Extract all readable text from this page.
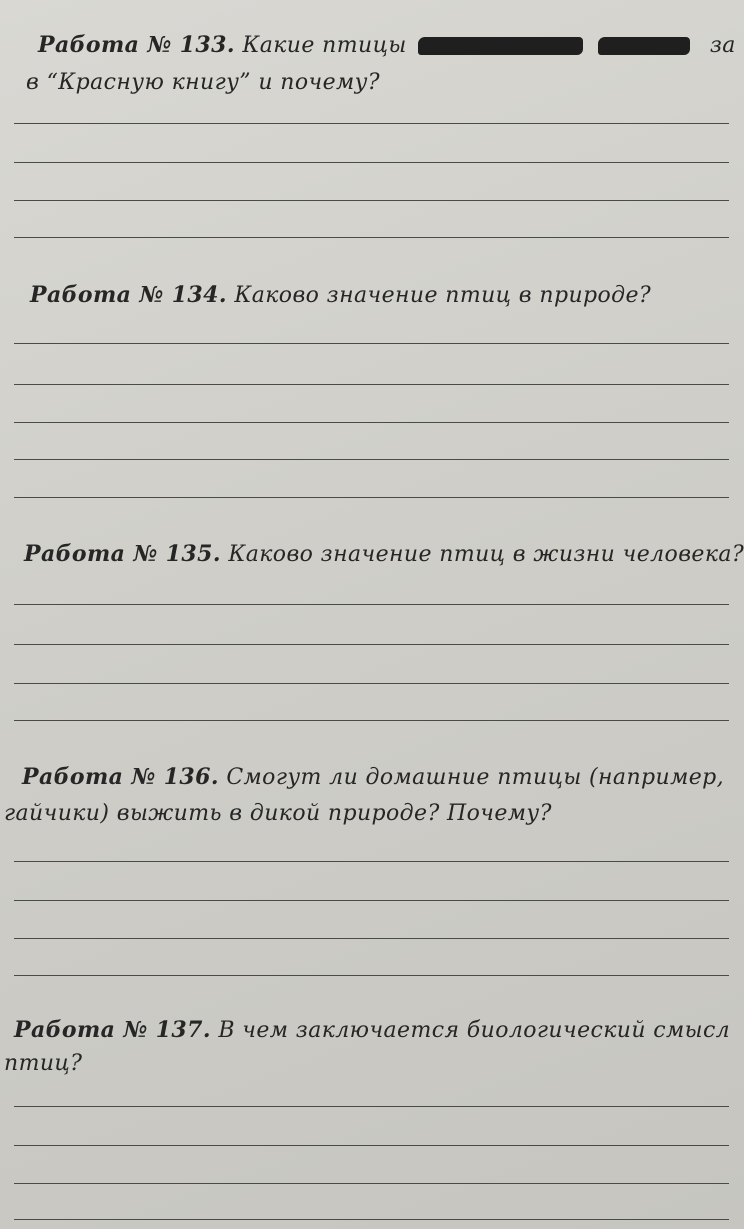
Работа № 133. Какие птицы	за

в “Красную книгу” и почему?

Работа № 134. Каково значение птиц в природе?

Работа № 135. Каково значение птиц в жизни человека?

Работа № 136. Смогут ли домашние птицы (например,

гайчики) выжить в дикой природе? Почему?

Работа № 137. В чем заключается биологический смысл

птиц?
